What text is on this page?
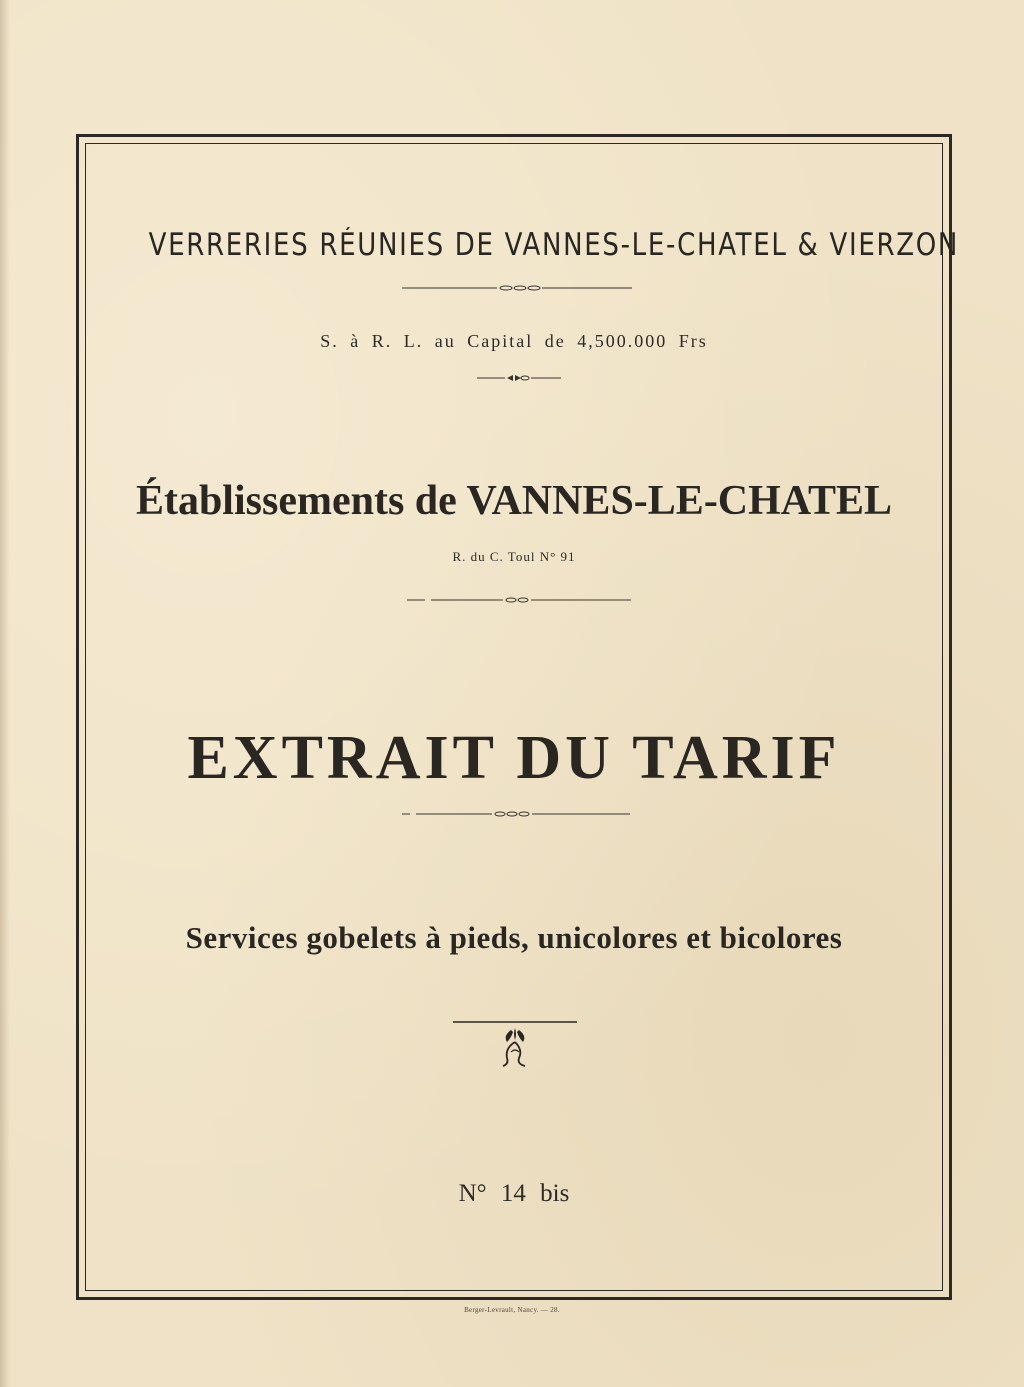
VERRERIES RÉUNIES DE VANNES-LE-CHATEL & VIERZON
S. à R. L. au Capital de 4,500.000 Frs
Établissements de VANNES-LE-CHATEL
R. du C. Toul N° 91
EXTRAIT DU TARIF
Services gobelets à pieds, unicolores et bicolores
N° 14 bis
Berger-Levrault, Nancy. — 28.
